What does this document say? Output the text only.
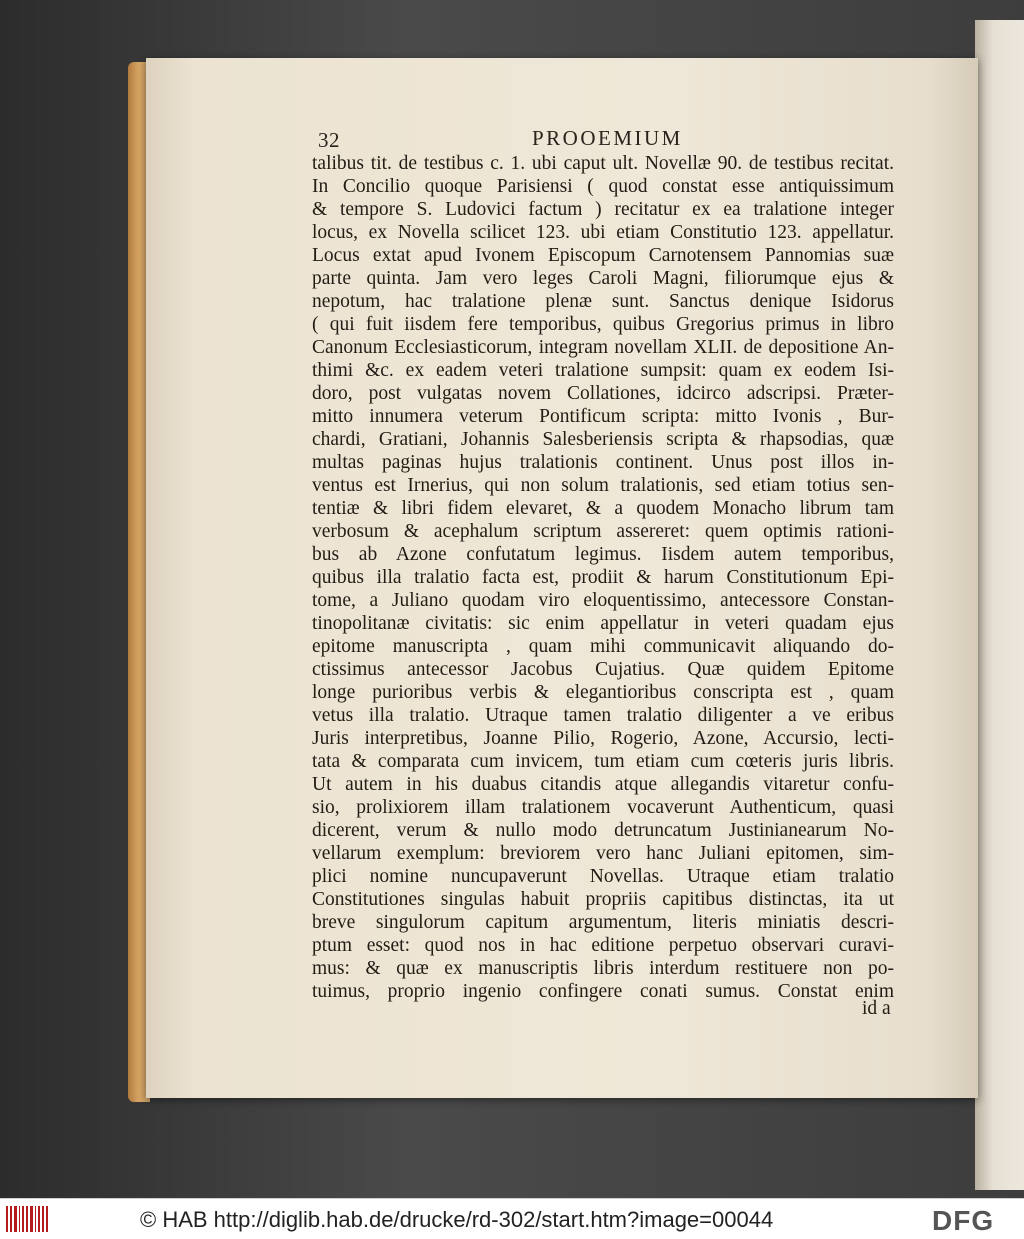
32	PROOEMIUM
talibus tit. de testibus c. 1. ubi caput ult. Novellæ 90. de testibus recitat.
In Concilio quoque Parisiensi ( quod constat esse antiquissimum
& tempore S. Ludovici factum ) recitatur ex ea tralatione integer
locus, ex Novella scilicet 123. ubi etiam Constitutio 123. appellatur.
Locus extat apud Ivonem Episcopum Carnotensem Pannomias suæ
parte quinta. Jam vero leges Caroli Magni, filiorumque ejus &
nepotum, hac tralatione plenæ sunt. Sanctus denique Isidorus
( qui fuit iisdem fere temporibus, quibus Gregorius primus in libro
Canonum Ecclesiasticorum, integram novellam XLII. de depositione An-
thimi &c. ex eadem veteri tralatione sumpsit: quam ex eodem Isi-
doro, post vulgatas novem Collationes, idcirco adscripsi. Præter-
mitto innumera veterum Pontificum scripta: mitto Ivonis , Bur-
chardi, Gratiani, Johannis Salesberiensis scripta & rhapsodias, quæ
multas paginas hujus tralationis continent. Unus post illos in-
ventus est Irnerius, qui non solum tralationis, sed etiam totius sen-
tentiæ & libri fidem elevaret, & a quodem Monacho librum tam
verbosum & acephalum scriptum assereret: quem optimis rationi-
bus ab Azone confutatum legimus. Iisdem autem temporibus,
quibus illa tralatio facta est, prodiit & harum Constitutionum Epi-
tome, a Juliano quodam viro eloquentissimo, antecessore Constan-
tinopolitanæ civitatis: sic enim appellatur in veteri quadam ejus
epitome manuscripta , quam mihi communicavit aliquando do-
ctissimus antecessor Jacobus Cujatius. Quæ quidem Epitome
longe purioribus verbis & elegantioribus conscripta est , quam
vetus illa tralatio. Utraque tamen tralatio diligenter a ve eribus
Juris interpretibus, Joanne Pilio, Rogerio, Azone, Accursio, lecti-
tata & comparata cum invicem, tum etiam cum cœteris juris libris.
Ut autem in his duabus citandis atque allegandis vitaretur confu-
sio, prolixiorem illam tralationem vocaverunt Authenticum, quasi
dicerent, verum & nullo modo detruncatum Justinianearum No-
vellarum exemplum: breviorem vero hanc Juliani epitomen, sim-
plici nomine nuncupaverunt Novellas. Utraque etiam tralatio
Constitutiones singulas habuit propriis capitibus distinctas, ita ut
breve singulorum capitum argumentum, literis miniatis descri-
ptum esset: quod nos in hac editione perpetuo observari curavi-
mus: & quæ ex manuscriptis libris interdum restituere non po-
tuimus, proprio ingenio confingere conati sumus. Constat enim
id a
© HAB http://diglib.hab.de/drucke/rd-302/start.htm?image=00044	DFG
